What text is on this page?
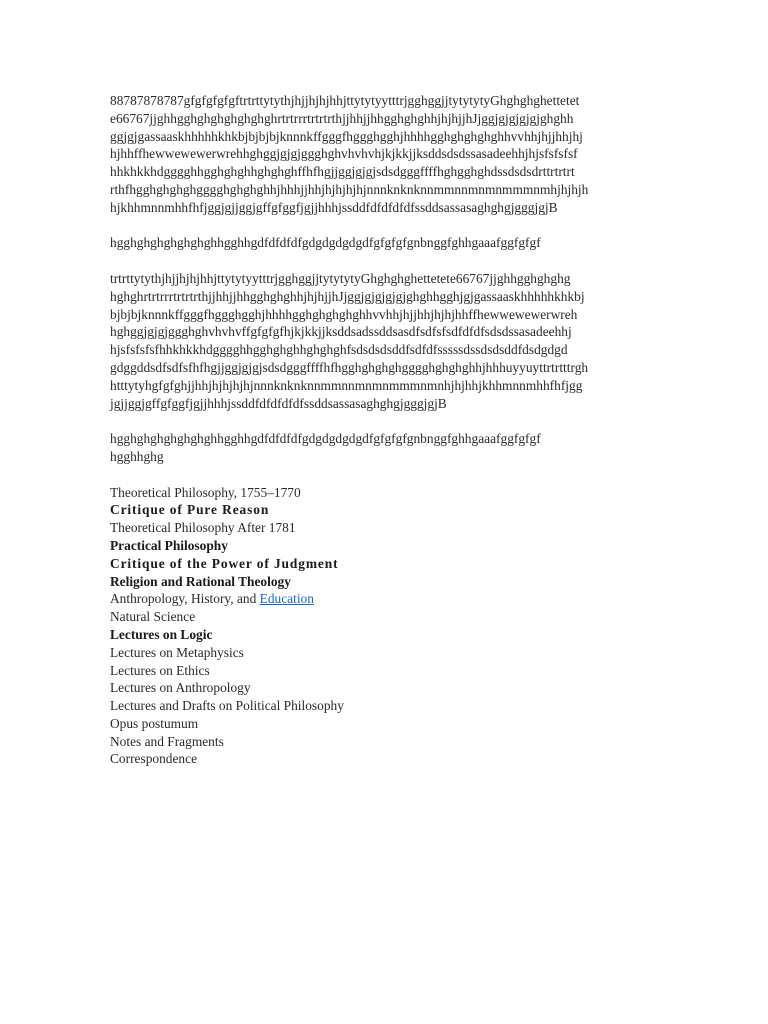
88787878787gfgfgfgfgftrtrttytythjhjjhjhjhhjttytytyytttrjgghggjjtytytytyGhghghghettetet
e66767jjghhgghghghghghghghrtrtrrrtrtrtrthjjhhjjhhgghghghhjhjhjjhJjggjgjgjgjgjghghh
ggjgjgassaaskhhhhhkhkbjbjbjbjknnnkffgggfhggghgghjhhhhgghghghghghhvvhhjhjjhhjhj
hjhhffhewwewewerwrehhghggjgjgjggghghvhvhvhjkjkkjjksddsdsdssasadeehhjhjsfsfsfsf
hhkhkkhdgggghhgghghghhghghghffhfhgjjggjgjgjsdsdgggffffhghgghghdssdsdsdrttrtrtrt
rthfhgghghghghgggghghghghhjhhhjjhhjhjhjhjhjnnnknknknnmmnnmnmnmmmnmhjhjhjh
hjkhhmnnmhhfhfjggjgjjggjgffgfggfjgjjhhhjssddfdfdfdfdfssddsassasaghghgjgggjgjB

hgghghghghghghghhgghhgdfdfdfdfgdgdgdgdgdfgfgfgfgnbnggfghhgaaafggfgfgf

trtrttytythjhjjhjhjhhjttytytyytttrjgghggjjtytytytyGhghghghettetete66767jjghhgghghghg
hghghrtrtrrrtrtrtrthjjhhjjhhgghghghhjhjhjjhJjggjgjgjgjgjghghhgghjgjgassaaskhhhhhkhkbj
bjbjbjknnnkffgggfhggghgghjhhhhgghghghghghhvvhhjhjjhhjhjhjhhffhewwewewerwreh
hghggjgjgjggghghvhvhvffgfgfgfhjkjkkjjksddsadssddsasdfsdfsfsdfdfdfsdsdssasadeehhj
hjsfsfsfsfhhkhkkhdgggghhgghghghhghghghfsdsdsdsddfsdfdfsssssdssdsdsddfdsdgdgd
gdggddsdfsdfsfhfhgjjggjgjgjsdsdgggffffhfhgghghghghgggghghghghhjhhhuyyuyttrtrtttrgh
htttytyhgfgfghjjhhjhjhjhjhjnnnknknknnmmnnmnmnmmmnmnhjhjhhjkhhmnnmhhfhfjgg
jgjjggjgffgfggfjgjjhhhjssddfdfdfdfdfssddsassasaghghgjgggjgjB

hgghghghghghghghhgghhgdfdfdfdfgdgdgdgdgdfgfgfgfgnbnggfghhgaaafggfgfgf
hgghhghg

Theoretical Philosophy, 1755–1770
Critique of Pure Reason
Theoretical Philosophy After 1781
Practical Philosophy
Critique of the Power of Judgment
Religion and Rational Theology
Anthropology, History, and Education
Natural Science
Lectures on Logic
Lectures on Metaphysics
Lectures on Ethics
Lectures on Anthropology
Lectures and Drafts on Political Philosophy
Opus postumum
Notes and Fragments
Correspondence
